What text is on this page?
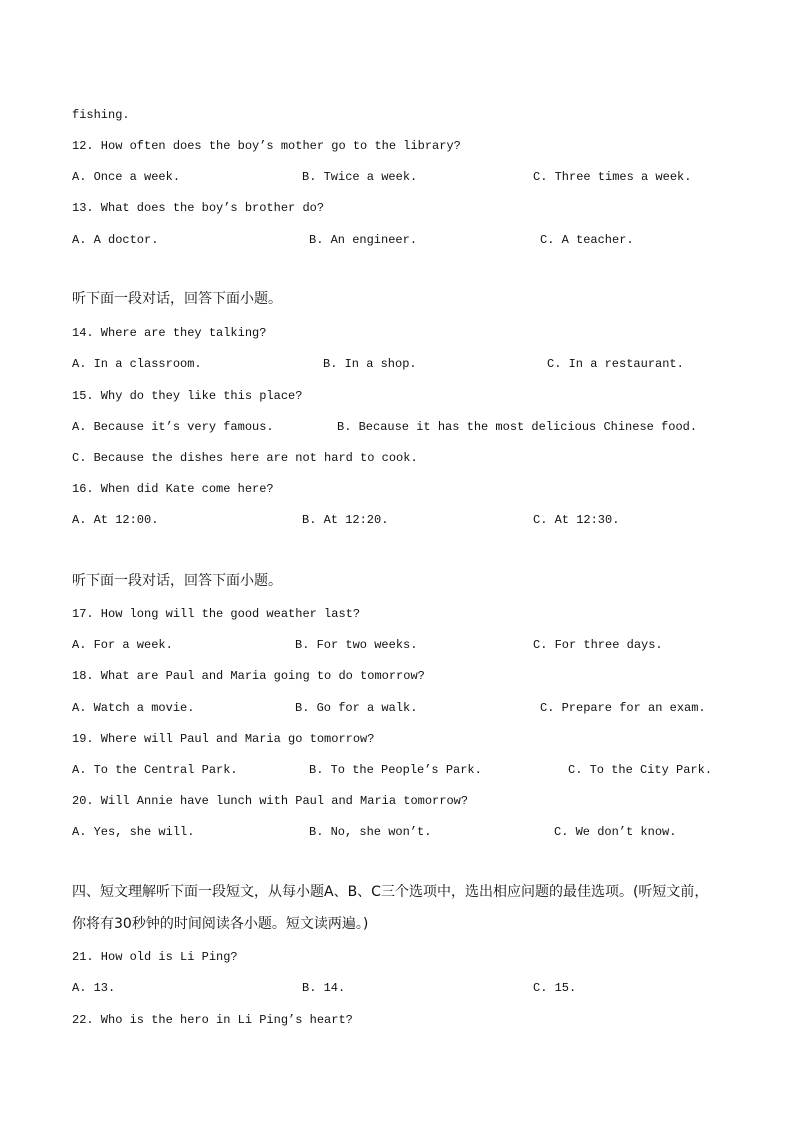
fishing.
12. How often does the boy’s mother go to the library?
A. Once a week.	B. Twice a week.	C. Three times a week.
13. What does the boy’s brother do?
A. A doctor.	B. An engineer.	C. A teacher.
听下面一段对话，回答下面小题。
14. Where are they talking?
A. In a classroom.	B. In a shop.	C. In a restaurant.
15. Why do they like this place?
A. Because it’s very famous.	B. Because it has the most delicious Chinese food.
C. Because the dishes here are not hard to cook.
16. When did Kate come here?
A. At 12:00.	B. At 12:20.	C. At 12:30.
听下面一段对话，回答下面小题。
17. How long will the good weather last?
A. For a week.	B. For two weeks.	C. For three days.
18. What are Paul and Maria going to do tomorrow?
A. Watch a movie.	B. Go for a walk.	C. Prepare for an exam.
19. Where will Paul and Maria go tomorrow?
A. To the Central Park.	B. To the People’s Park.	C. To the City Park.
20. Will Annie have lunch with Paul and Maria tomorrow?
A. Yes, she will.	B. No, she won’t.	C. We don’t know.
四、短文理解听下面一段短文，从每小题A、B、C三个选项中，选出相应问题的最佳选项。(听短文前，
你将有30秒钟的时间阅读各小题。短文读两遍。)
21. How old is Li Ping?
A. 13.	B. 14.	C. 15.
22. Who is the hero in Li Ping’s heart?
